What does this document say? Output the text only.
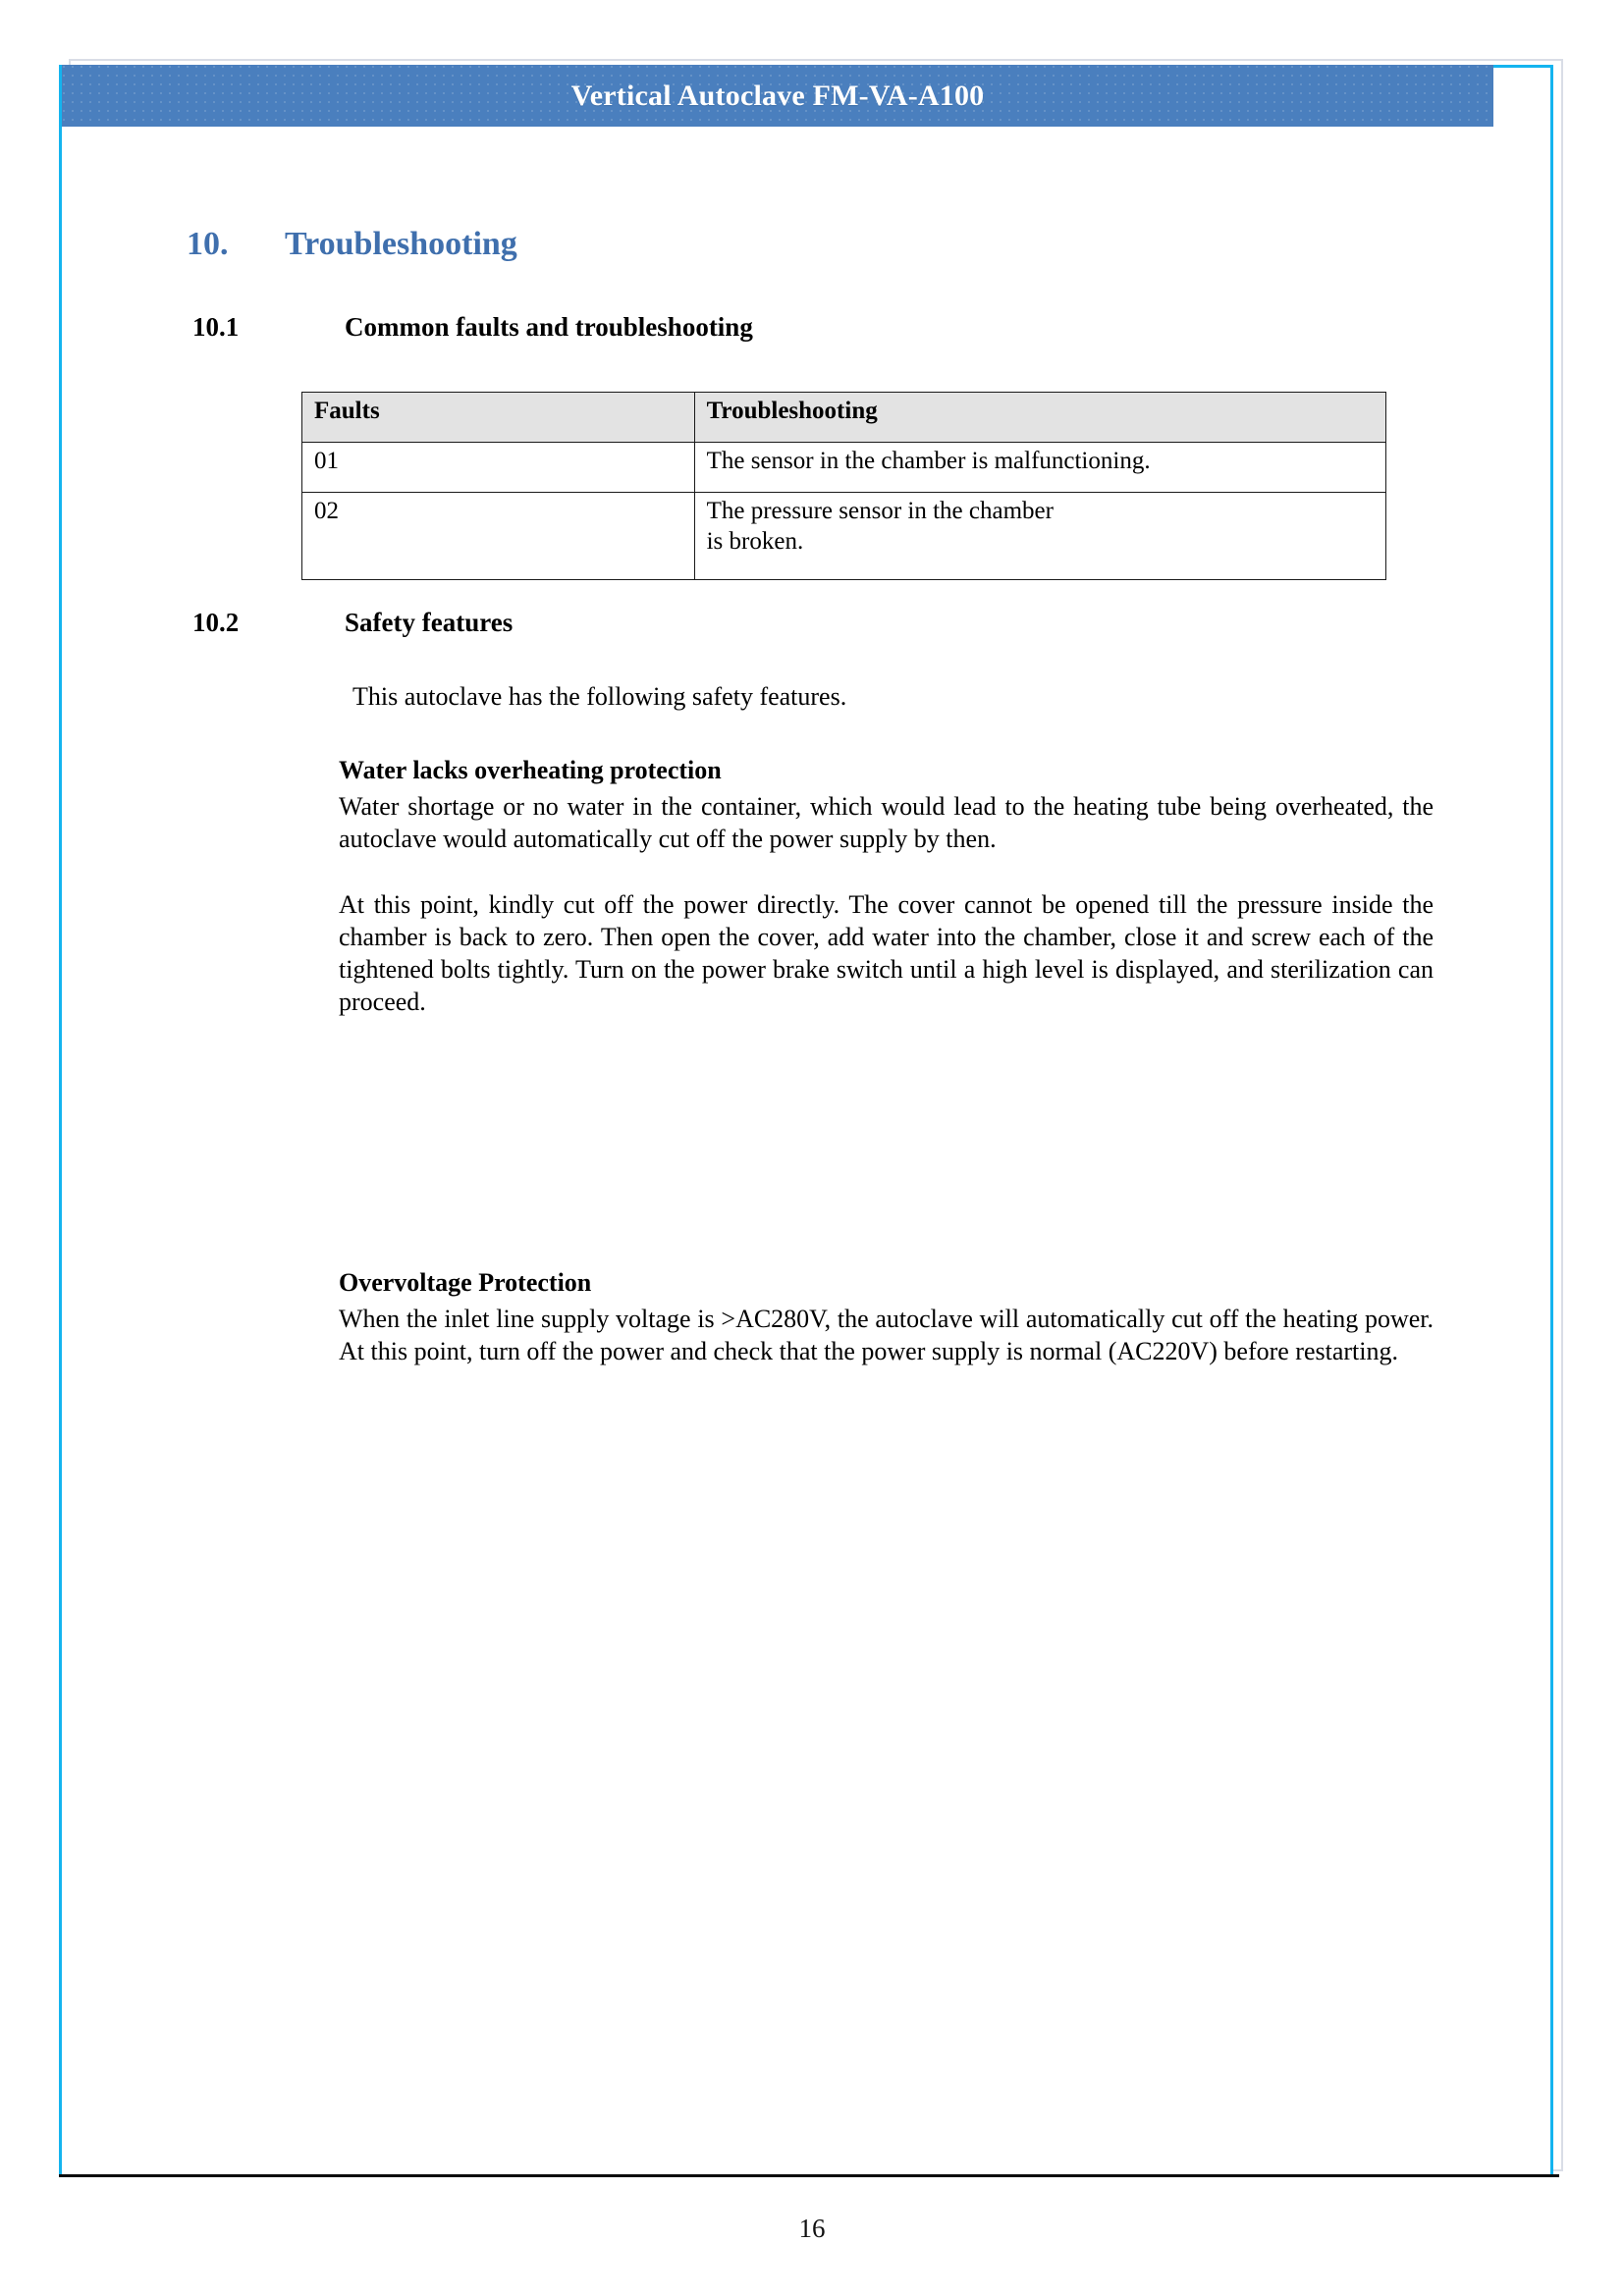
Vertical Autoclave FM-VA-A100
10.	Troubleshooting
10.1	Common faults and troubleshooting
Faults	Troubleshooting
01	The sensor in the chamber is malfunctioning.
02	The pressure sensor in the chamber
is broken.
10.2	Safety features
This autoclave has the following safety features.
Water lacks overheating protection

Water shortage or no water in the container, which would lead to the heating tube being overheated, the autoclave would automatically cut off the power supply by then.

At this point, kindly cut off the power directly. The cover cannot be opened till the pressure inside the chamber is back to zero. Then open the cover, add water into the chamber, close it and screw each of the tightened bolts tightly. Turn on the power brake switch until a high level is displayed, and sterilization can proceed.

Overvoltage Protection

When the inlet line supply voltage is >AC280V, the autoclave will automatically cut off the heating power. At this point, turn off the power and check that the power supply is normal (AC220V) before restarting.

16
